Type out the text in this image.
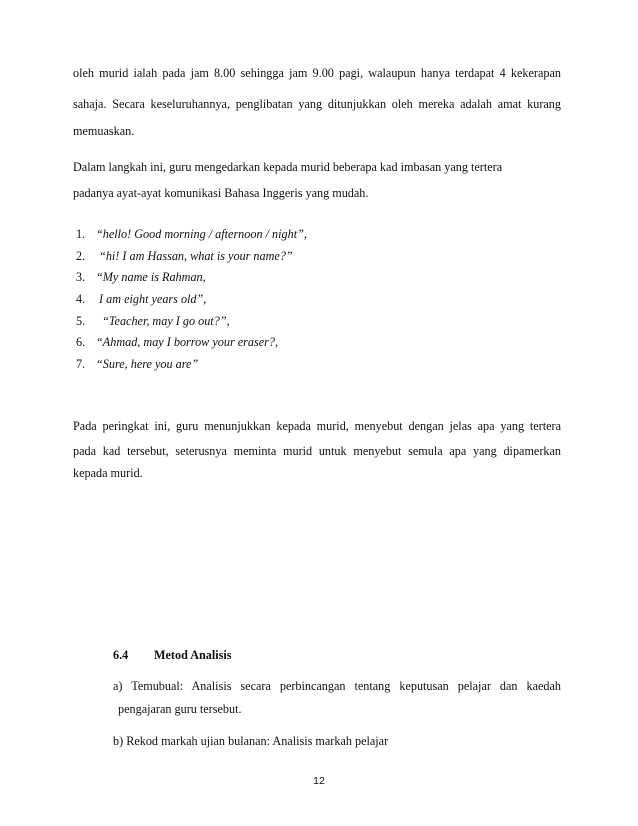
oleh murid ialah pada jam 8.00 sehingga jam 9.00 pagi, walaupun hanya terdapat 4 kekerapan

sahaja. Secara keseluruhannya, penglibatan yang ditunjukkan oleh mereka adalah amat kurang

memuaskan.

Dalam langkah ini, guru mengedarkan kepada murid beberapa kad imbasan yang tertera

padanya ayat-ayat komunikasi Bahasa Inggeris yang mudah.

1. “hello! Good morning / afternoon / night”,
2. “hi! I am Hassan, what is your name?”
3. “My name is Rahman,
4. I am eight years old”,
5.  “Teacher, may I go out?”,
6. “Ahmad, may I borrow your eraser?,
7. “Sure, here you are”

Pada peringkat ini, guru menunjukkan kepada murid, menyebut dengan jelas apa yang tertera

pada kad tersebut, seterusnya meminta murid untuk menyebut semula apa yang dipamerkan

kepada murid.

6.4 Metod Analisis

a)  Temubual:  Analisis  secara  perbincangan  tentang  keputusan  pelajar  dan  kaedah

pengajaran guru tersebut.

b) Rekod markah ujian bulanan: Analisis markah pelajar

12
